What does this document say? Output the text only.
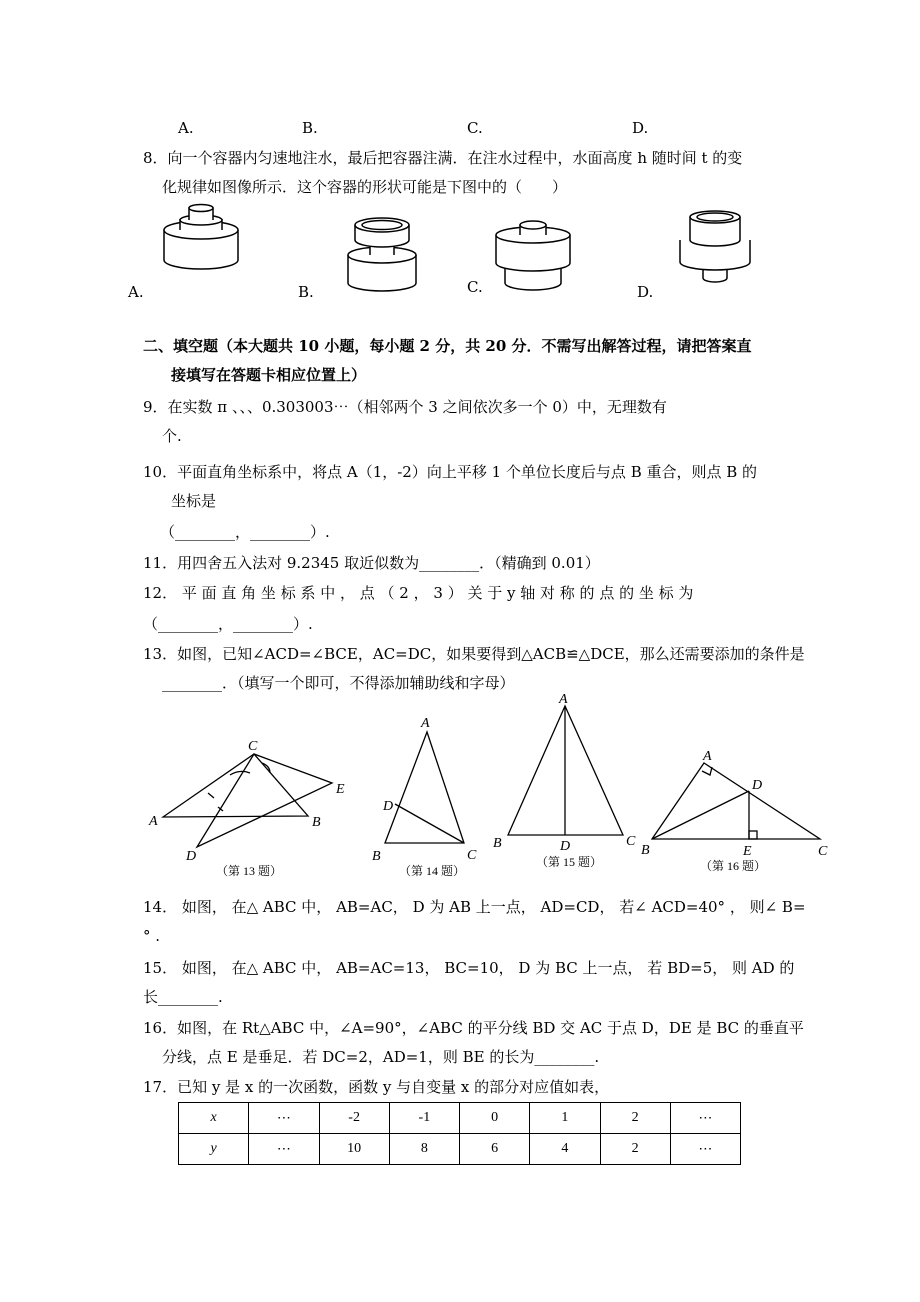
A.	B.	C.	D.
8．向一个容器内匀速地注水，最后把容器注满．在注水过程中，水面高度 h 随时间 t 的变
化规律如图像所示．这个容器的形状可能是下图中的（　　）
A.	B.	C.	D.
二、填空题（本大题共 10 小题，每小题 2 分，共 20 分．不需写出解答过程，请把答案直
接填写在答题卡相应位置上）
9．在实数 π 、、、0.303003⋯（相邻两个 3 之间依次多一个 0）中，无理数有
个.
10．平面直角坐标系中，将点 A（1，-2）向上平移 1 个单位长度后与点 B 重合，则点 B 的
坐标是
（________，________）.
11．用四舍五入法对 9.2345 取近似数为________．（精确到 0.01）
12． 平 面 直 角 坐 标 系 中 ， 点 （ 2 ， 3 ） 关 于 y 轴 对 称 的 点 的 坐 标 为
（________，________）.
13．如图，已知∠ACD=∠BCE，AC=DC，如果要得到△ACB≌△DCE，那么还需要添加的条件是
________．（填写一个即可，不得添加辅助线和字母）
C
A	B
D
E
A
D
B	C
A
B	D	C
A
D
B	E	C
（第 13 题）	（第 14 题）
（第 15 题）	（第 16 题）
14． 如图， 在△ ABC 中， AB=AC， D 为 AB 上一点， AD=CD， 若∠ ACD=40° ， 则∠ B=
° .
15． 如图， 在△ ABC 中， AB=AC=13， BC=10， D 为 BC 上一点， 若 BD=5， 则 AD 的
长________.
16．如图，在 Rt△ABC 中，∠A=90°，∠ABC 的平分线 BD 交 AC 于点 D，DE 是 BC 的垂直平
分线，点 E 是垂足．若 DC=2，AD=1，则 BE 的长为________.
17．已知 y 是 x 的一次函数，函数 y 与自变量 x 的部分对应值如表，
x	⋯	-2	-1	0	1	2	⋯
y	⋯	10	8	6	4	2	⋯
